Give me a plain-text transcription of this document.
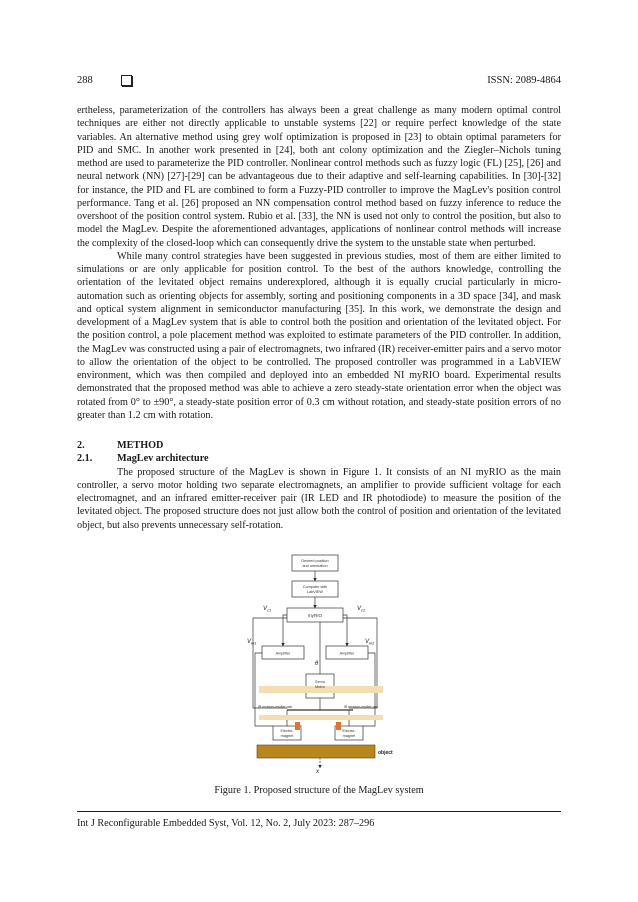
288	ISSN: 2089-4864

ertheless, parameterization of the controllers has always been a great challenge as many modern optimal control techniques are either not directly applicable to unstable systems [22] or require perfect knowledge of the state variables. An alternative method using grey wolf optimization is proposed in [23] to obtain optimal parameters for PID and SMC. In another work presented in [24], both ant colony optimization and the Ziegler–Nichols tuning method are used to parameterize the PID controller. Nonlinear control methods such as fuzzy logic (FL) [25], [26] and neural network (NN) [27]-[29] can be advantageous due to their adaptive and self-learning capabilities. In [30]-[32] for instance, the PID and FL are combined to form a Fuzzy-PID controller to improve the MagLev's position control performance. Tang et al. [26] proposed an NN compensation control method based on fuzzy inference to reduce the overshoot of the position control system. Rubio et al. [33], the NN is used not only to control the position, but also to model the MagLev. Despite the aforementioned advantages, applications of nonlinear control methods will increase the complexity of the closed-loop which can consequently drive the system to the unstable state when perturbed.

While many control strategies have been suggested in previous studies, most of them are either limited to simulations or are only applicable for position control. To the best of the authors knowledge, controlling the orientation of the levitated object remains underexplored, although it is equally crucial particularly in microautomation such as orienting objects for assembly, sorting and positioning components in a 3D space [34], and mask and optical system alignment in semiconductor manufacturing [35]. In this work, we demonstrate the design and development of a MagLev system that is able to control both the position and orientation of the levitated object. For the position control, a pole placement method was exploited to estimate parameters of the PID controller. In addition, the MagLev was constructed using a pair of electromagnets, two infrared (IR) receiver-emitter pairs and a servo motor to allow the orientation of the object to be controlled. The proposed controller was programmed in a LabVIEW environment, which was then compiled and deployed into an embedded NI myRIO board. Experimental results demonstrated that the proposed method was able to achieve a zero steady-state orientation error when the object was rotated from 0° to ±90°, a steady-state position error of 0.3 cm without rotation, and steady-state position errors of no greater than 1.2 cm with rotation.

2.	METHOD
2.1.	MagLev architecture

The proposed structure of the MagLev is shown in Figure 1. It consists of an NI myRIO as the main controller, a servo motor holding two separate electromagnets, an amplifier to provide sufficient voltage for each electromagnet, and an infrared emitter-receiver pair (IR LED and IR photodiode) to measure the position of the levitated object. The proposed structure does not just allow both the control of position and orientation of the levitated object, but also prevents unnecessary self-rotation.

Desired position
and orientation
Computer with
LabVIEW
myRIO
Amplifier	Amplifier
Servo
Motor
Electro-
magnet
Electro-
magnet
IR receiver-emitter pair	IR receiver-emitter pair
$V_{c1}$	$V_{c2}$
$V_{in1}$	$V_{in2}$
θ
x
object
Figure 1. Proposed structure of the MagLev system
Int J Reconfigurable Embedded Syst, Vol. 12, No. 2, July 2023: 287–296
